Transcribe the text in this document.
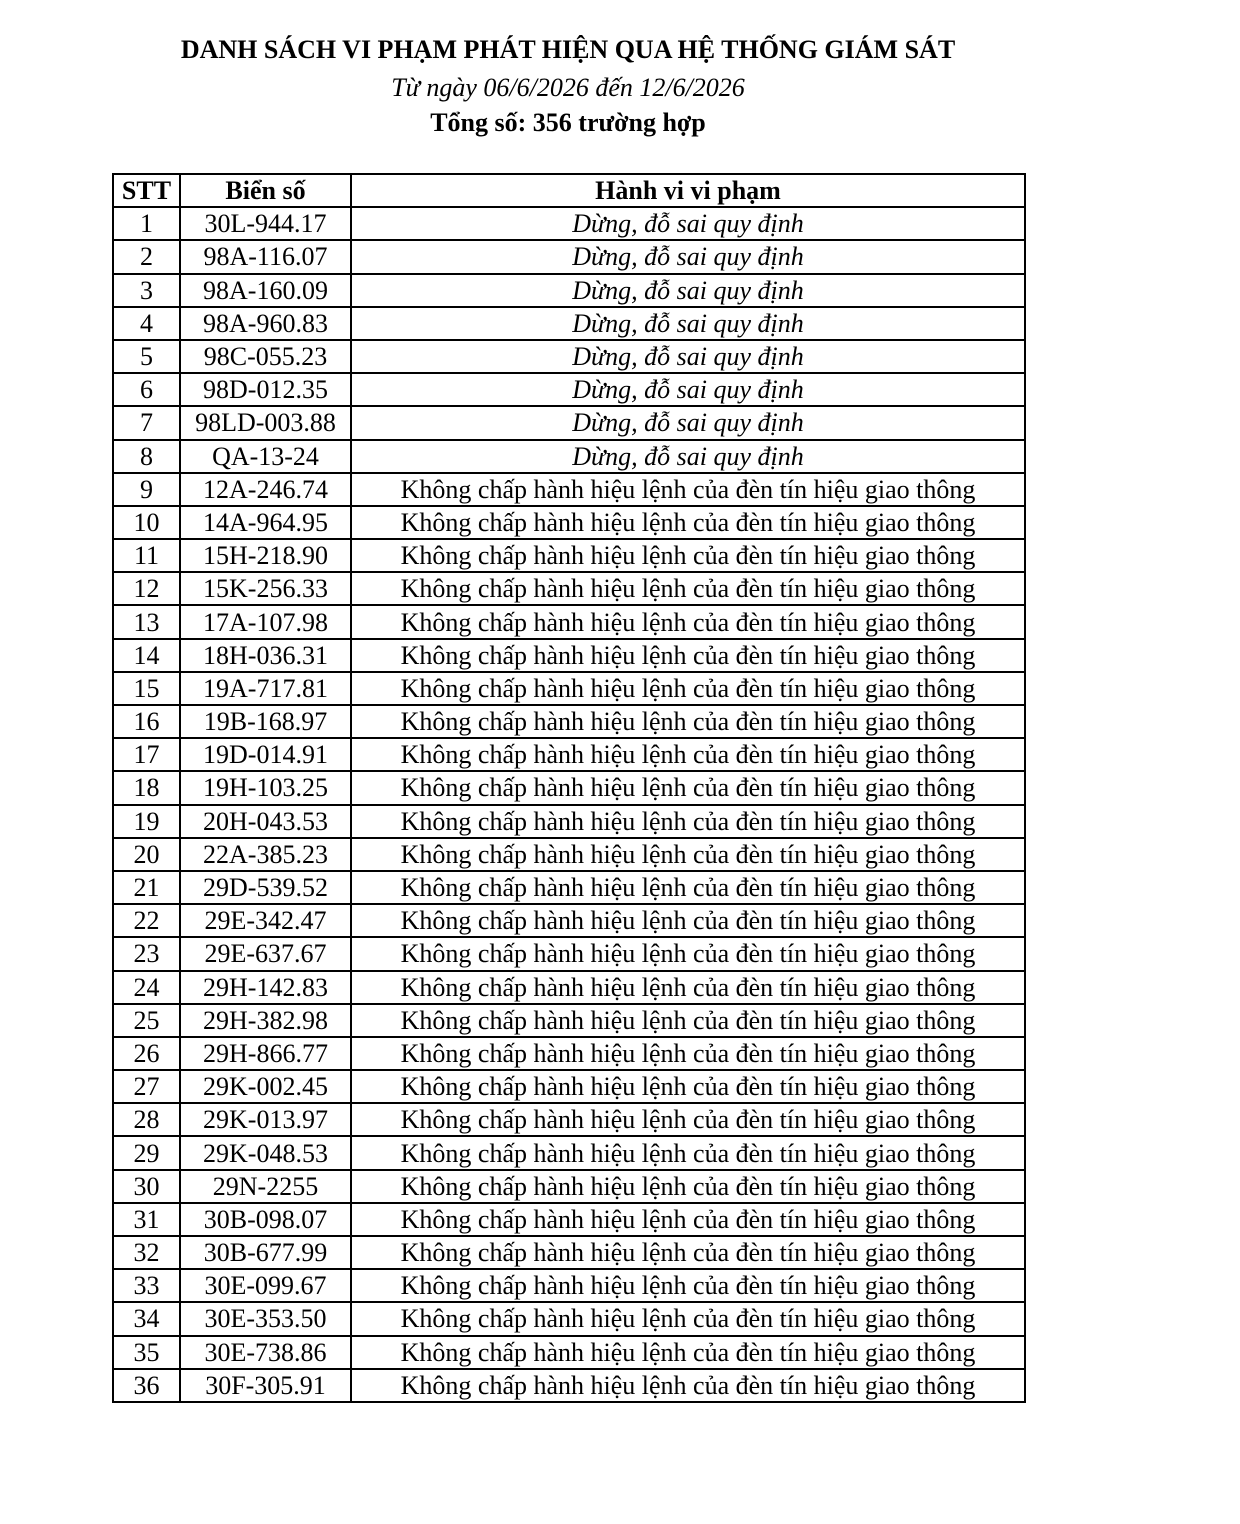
DANH SÁCH VI PHẠM PHÁT HIỆN QUA HỆ THỐNG GIÁM SÁT
Từ ngày 06/6/2026 đến 12/6/2026
Tổng số: 356 trường hợp
STT	Biển số	Hành vi vi phạm
1	30L-944.17	Dừng, đỗ sai quy định
2	98A-116.07	Dừng, đỗ sai quy định
3	98A-160.09	Dừng, đỗ sai quy định
4	98A-960.83	Dừng, đỗ sai quy định
5	98C-055.23	Dừng, đỗ sai quy định
6	98D-012.35	Dừng, đỗ sai quy định
7	98LD-003.88	Dừng, đỗ sai quy định
8	QA-13-24	Dừng, đỗ sai quy định
9	12A-246.74	Không chấp hành hiệu lệnh của đèn tín hiệu giao thông
10	14A-964.95	Không chấp hành hiệu lệnh của đèn tín hiệu giao thông
11	15H-218.90	Không chấp hành hiệu lệnh của đèn tín hiệu giao thông
12	15K-256.33	Không chấp hành hiệu lệnh của đèn tín hiệu giao thông
13	17A-107.98	Không chấp hành hiệu lệnh của đèn tín hiệu giao thông
14	18H-036.31	Không chấp hành hiệu lệnh của đèn tín hiệu giao thông
15	19A-717.81	Không chấp hành hiệu lệnh của đèn tín hiệu giao thông
16	19B-168.97	Không chấp hành hiệu lệnh của đèn tín hiệu giao thông
17	19D-014.91	Không chấp hành hiệu lệnh của đèn tín hiệu giao thông
18	19H-103.25	Không chấp hành hiệu lệnh của đèn tín hiệu giao thông
19	20H-043.53	Không chấp hành hiệu lệnh của đèn tín hiệu giao thông
20	22A-385.23	Không chấp hành hiệu lệnh của đèn tín hiệu giao thông
21	29D-539.52	Không chấp hành hiệu lệnh của đèn tín hiệu giao thông
22	29E-342.47	Không chấp hành hiệu lệnh của đèn tín hiệu giao thông
23	29E-637.67	Không chấp hành hiệu lệnh của đèn tín hiệu giao thông
24	29H-142.83	Không chấp hành hiệu lệnh của đèn tín hiệu giao thông
25	29H-382.98	Không chấp hành hiệu lệnh của đèn tín hiệu giao thông
26	29H-866.77	Không chấp hành hiệu lệnh của đèn tín hiệu giao thông
27	29K-002.45	Không chấp hành hiệu lệnh của đèn tín hiệu giao thông
28	29K-013.97	Không chấp hành hiệu lệnh của đèn tín hiệu giao thông
29	29K-048.53	Không chấp hành hiệu lệnh của đèn tín hiệu giao thông
30	29N-2255	Không chấp hành hiệu lệnh của đèn tín hiệu giao thông
31	30B-098.07	Không chấp hành hiệu lệnh của đèn tín hiệu giao thông
32	30B-677.99	Không chấp hành hiệu lệnh của đèn tín hiệu giao thông
33	30E-099.67	Không chấp hành hiệu lệnh của đèn tín hiệu giao thông
34	30E-353.50	Không chấp hành hiệu lệnh của đèn tín hiệu giao thông
35	30E-738.86	Không chấp hành hiệu lệnh của đèn tín hiệu giao thông
36	30F-305.91	Không chấp hành hiệu lệnh của đèn tín hiệu giao thông
